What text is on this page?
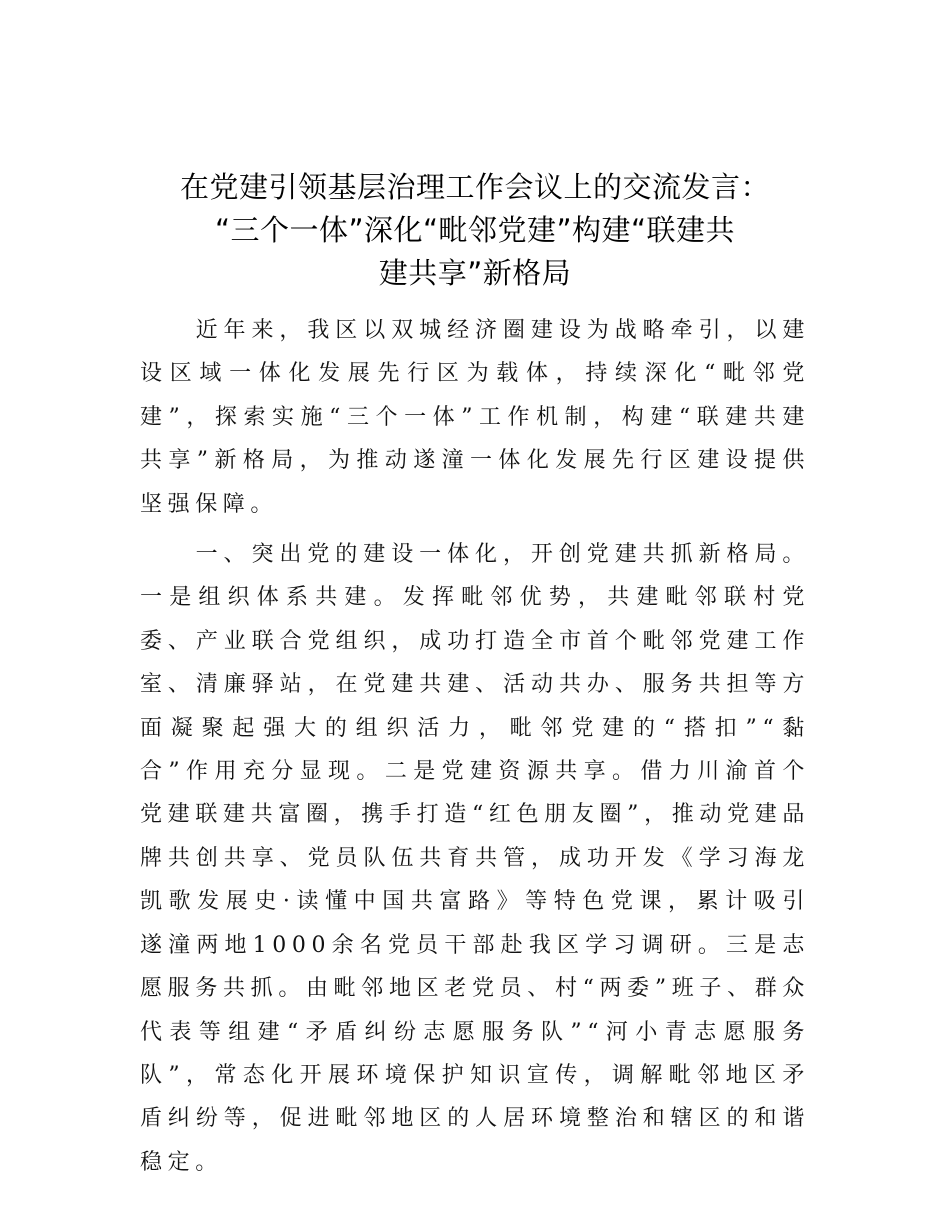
在党建引领基层治理工作会议上的交流发言：
“三个一体”深化“毗邻党建”构建“联建共
建共享”新格局

近年来，我区以双城经济圈建设为战略牵引，以建设区域一体化发展先行区为载体，持续深化“毗邻党建”，探索实施“三个一体”工作机制，构建“联建共建共享”新格局，为推动遂潼一体化发展先行区建设提供坚强保障。

一、突出党的建设一体化，开创党建共抓新格局。一是组织体系共建。发挥毗邻优势，共建毗邻联村党委、产业联合党组织，成功打造全市首个毗邻党建工作室、清廉驿站，在党建共建、活动共办、服务共担等方面凝聚起强大的组织活力，毗邻党建的“搭扣”“黏合”作用充分显现。二是党建资源共享。借力川渝首个党建联建共富圈，携手打造“红色朋友圈”，推动党建品牌共创共享、党员队伍共育共管，成功开发《学习海龙凯歌发展史·读懂中国共富路》等特色党课，累计吸引遂潼两地1000余名党员干部赴我区学习调研。三是志愿服务共抓。由毗邻地区老党员、村“两委”班子、群众代表等组建“矛盾纠纷志愿服务队”“河小青志愿服务队”，常态化开展环境保护知识宣传，调解毗邻地区矛盾纠纷等，促进毗邻地区的人居环境整治和辖区的和谐稳定。
